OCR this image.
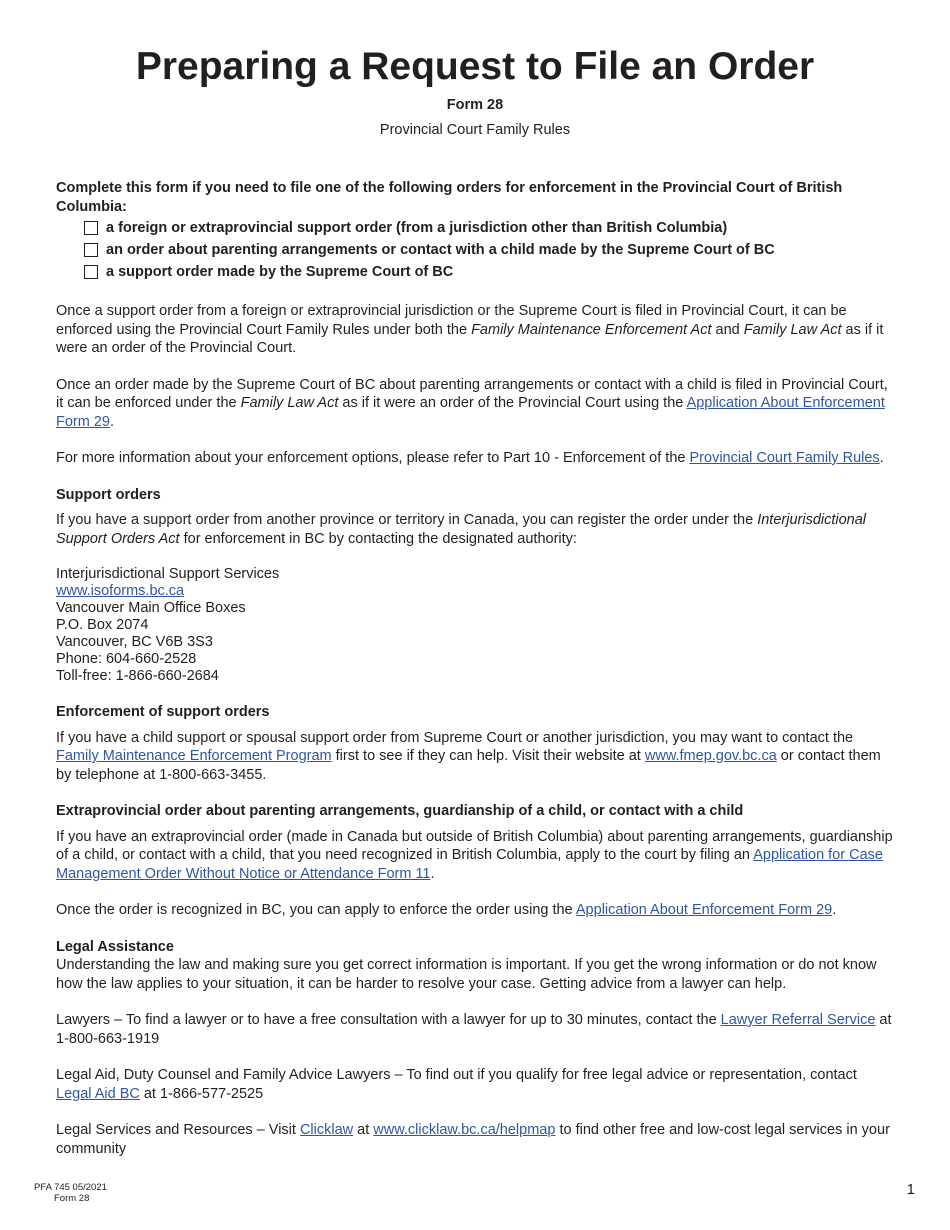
Preparing a Request to File an Order
Form 28
Provincial Court Family Rules

Complete this form if you need to file one of the following orders for enforcement in the Provincial Court of British Columbia:

a foreign or extraprovincial support order (from a jurisdiction other than British Columbia)
an order about parenting arrangements or contact with a child made by the Supreme Court of BC
a support order made by the Supreme Court of BC

Once a support order from a foreign or extraprovincial jurisdiction or the Supreme Court is filed in Provincial Court, it can be enforced using the Provincial Court Family Rules under both the Family Maintenance Enforcement Act and Family Law Act as if it were an order of the Provincial Court.

Once an order made by the Supreme Court of BC about parenting arrangements or contact with a child is filed in Provincial Court, it can be enforced under the Family Law Act as if it were an order of the Provincial Court using the Application About Enforcement Form 29.

For more information about your enforcement options, please refer to Part 10 - Enforcement of the Provincial Court Family Rules.

Support orders

If you have a support order from another province or territory in Canada, you can register the order under the Interjurisdictional Support Orders Act for enforcement in BC by contacting the designated authority:

Interjurisdictional Support Services
www.isoforms.bc.ca
Vancouver Main Office Boxes
P.O. Box 2074
Vancouver, BC V6B 3S3
Phone: 604-660-2528
Toll-free: 1-866-660-2684
Enforcement of support orders

If you have a child support or spousal support order from Supreme Court or another jurisdiction, you may want to contact the Family Maintenance Enforcement Program first to see if they can help. Visit their website at www.fmep.gov.bc.ca or contact them by telephone at 1-800-663-3455.

Extraprovincial order about parenting arrangements, guardianship of a child, or contact with a child

If you have an extraprovincial order (made in Canada but outside of British Columbia) about parenting arrangements, guardianship of a child, or contact with a child, that you need recognized in British Columbia, apply to the court by filing an Application for Case Management Order Without Notice or Attendance Form 11.

Once the order is recognized in BC, you can apply to enforce the order using the Application About Enforcement Form 29.

Legal Assistance

Understanding the law and making sure you get correct information is important. If you get the wrong information or do not know how the law applies to your situation, it can be harder to resolve your case. Getting advice from a lawyer can help.

Lawyers – To find a lawyer or to have a free consultation with a lawyer for up to 30 minutes, contact the Lawyer Referral Service at 1-800-663-1919

Legal Aid, Duty Counsel and Family Advice Lawyers – To find out if you qualify for free legal advice or representation, contact Legal Aid BC at 1-866-577-2525

Legal Services and Resources – Visit Clicklaw at www.clicklaw.bc.ca/helpmap to find other free and low-cost legal services in your community

PFA 745 05/2021
Form 28
1
